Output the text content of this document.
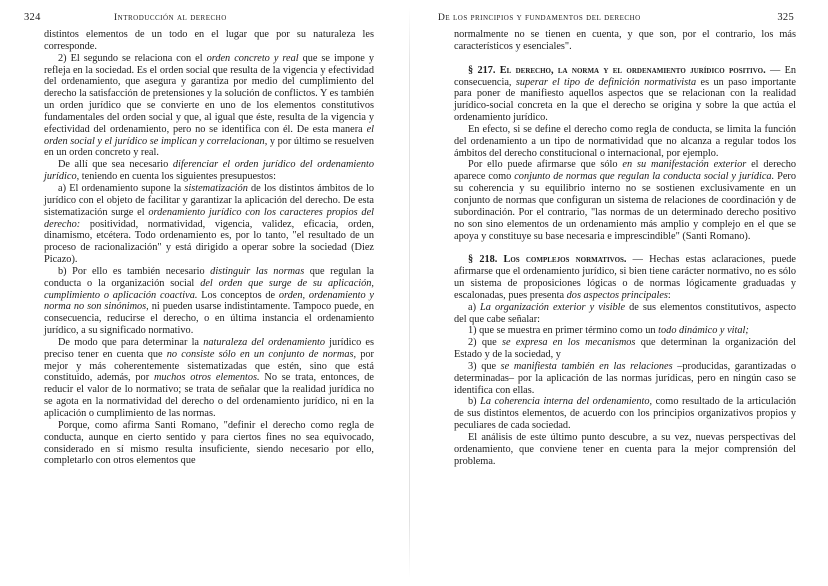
324	Introducción al derecho

distintos elementos de un todo en el lugar que por su naturaleza les corresponde.

2) El segundo se relaciona con el orden concreto y real que se impone y refleja en la sociedad. Es el orden social que resulta de la vigencia y efectividad del ordenamiento, que asegura y garantiza por medio del cumplimiento del derecho la satisfacción de pretensiones y la solución de conflictos. Y es también un orden jurídico que se convierte en uno de los elementos constitutivos fundamentales del orden social y que, al igual que éste, resulta de la vigencia y efectividad del ordenamiento, pero no se identifica con él. De esta manera el orden social y el jurídico se implican y correlacionan, y por último se resuelven en un orden concreto y real.

De allí que sea necesario diferenciar el orden jurídico del ordenamiento jurídico, teniendo en cuenta los siguientes presupuestos:

a) El ordenamiento supone la sistematización de los distintos ámbitos de lo jurídico con el objeto de facilitar y garantizar la aplicación del derecho. De esta sistematización surge el ordenamiento jurídico con los caracteres propios del derecho: positividad, normatividad, vigencia, validez, eficacia, orden, dinamismo, etcétera. Todo ordenamiento es, por lo tanto, "el resultado de un proceso de racionalización" y está dirigido a operar sobre la sociedad (Diez Picazo).

b) Por ello es también necesario distinguir las normas que regulan la conducta o la organización social del orden que surge de su aplicación, cumplimiento o aplicación coactiva. Los conceptos de orden, ordenamiento y norma no son sinónimos, ni pueden usarse indistintamente. Tampoco puede, en consecuencia, reducirse el derecho, o en última instancia el ordenamiento jurídico, a su significado normativo.

De modo que para determinar la naturaleza del ordenamiento jurídico es preciso tener en cuenta que no consiste sólo en un conjunto de normas, por mejor y más coherentemente sistematizadas que estén, sino que está constituido, además, por muchos otros elementos. No se trata, entonces, de reducir el valor de lo normativo; se trata de señalar que la realidad jurídica no se agota en la normatividad del derecho o del ordenamiento jurídico, ni en la aplicación o cumplimiento de las normas.

Porque, como afirma Santi Romano, "definir el derecho como regla de conducta, aunque en cierto sentido y para ciertos fines no sea equivocado, considerado en sí mismo resulta insuficiente, siendo necesario por ello, completarlo con otros elementos que

De los principios y fundamentos del derecho	325

normalmente no se tienen en cuenta, y que son, por el contrario, los más característicos y esenciales".

§ 217. El derecho, la norma y el ordenamiento jurídico positivo. — En consecuencia, superar el tipo de definición normativista es un paso importante para poner de manifiesto aquellos aspectos que se relacionan con la realidad jurídico-social concreta en la que el derecho se origina y sobre la que actúa el ordenamiento jurídico.

En efecto, si se define el derecho como regla de conducta, se limita la función del ordenamiento a un tipo de normatividad que no alcanza a regular todos los ámbitos del derecho constitucional o internacional, por ejemplo.

Por ello puede afirmarse que sólo en su manifestación exterior el derecho aparece como conjunto de normas que regulan la conducta social y jurídica. Pero su coherencia y su equilibrio interno no se sostienen exclusivamente en un conjunto de normas que configuran un sistema de relaciones de coordinación y de subordinación. Por el contrario, "las normas de un determinado derecho positivo no son sino elementos de un ordenamiento más amplio y complejo en el que se apoya y constituye su base necesaria e imprescindible" (Santi Romano).

§ 218. Los complejos normativos. — Hechas estas aclaraciones, puede afirmarse que el ordenamiento jurídico, si bien tiene carácter normativo, no es sólo un sistema de proposiciones lógicas o de normas lógicamente graduadas y escalonadas, pues presenta dos aspectos principales:

a) La organización exterior y visible de sus elementos constitutivos, aspecto del que cabe señalar:

1) que se muestra en primer término como un todo dinámico y vital;

2) que se expresa en los mecanismos que determinan la organización del Estado y de la sociedad, y

3) que se manifiesta también en las relaciones –producidas, garantizadas o determinadas– por la aplicación de las normas jurídicas, pero en ningún caso se identifica con ellas.

b) La coherencia interna del ordenamiento, como resultado de la articulación de sus distintos elementos, de acuerdo con los principios organizativos propios y peculiares de cada sociedad.

El análisis de este último punto descubre, a su vez, nuevas perspectivas del ordenamiento, que conviene tener en cuenta para la mejor comprensión del problema.
